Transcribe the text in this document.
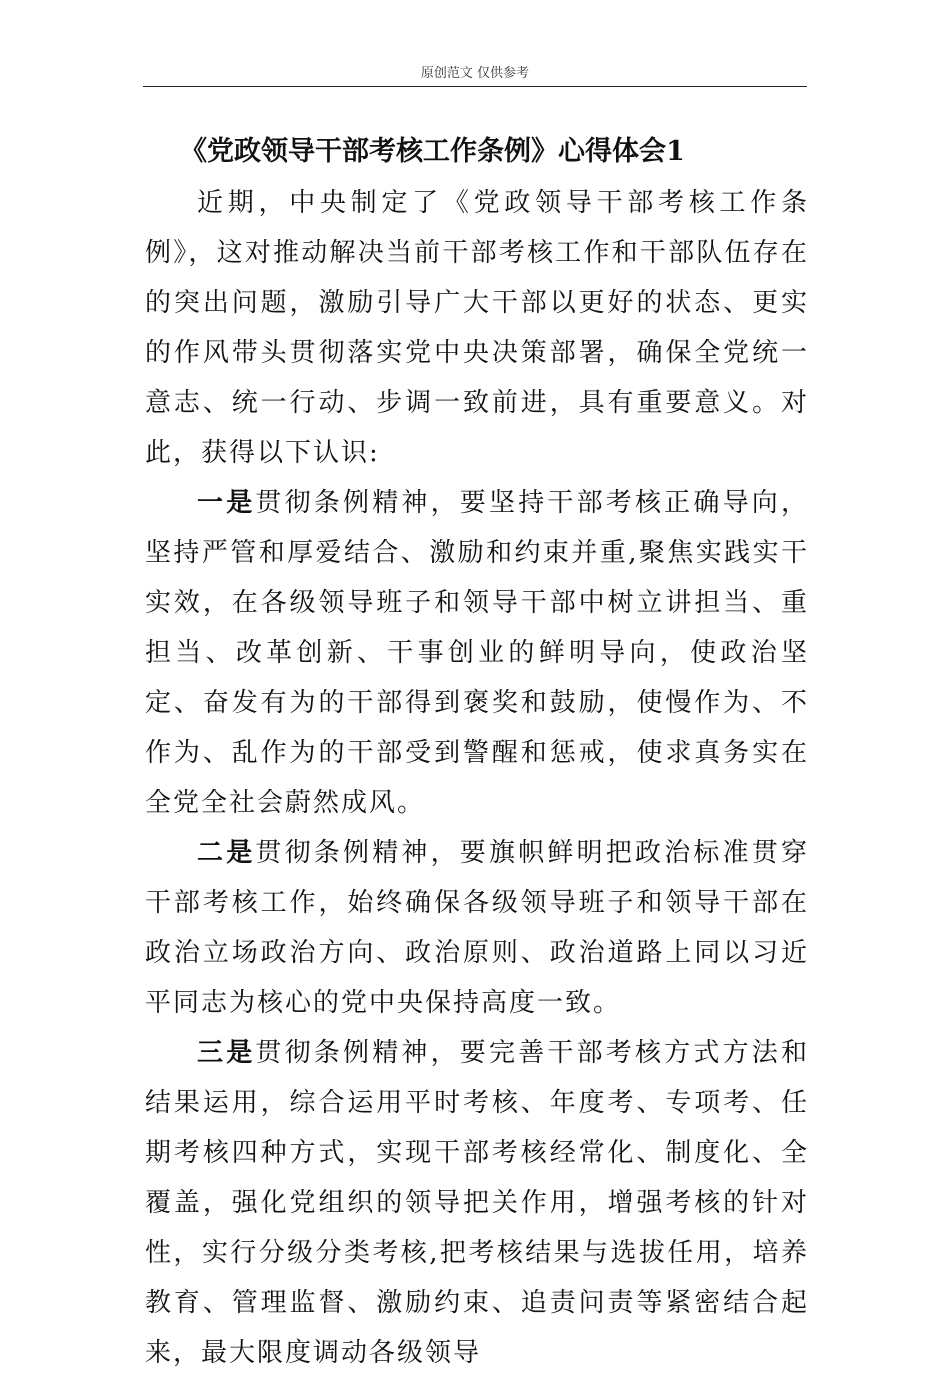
原创范文 仅供参考
《党政领导干部考核工作条例》心得体会1

近期，中央制定了《党政领导干部考核工作条例》，这对推动解决当前干部考核工作和干部队伍存在的突出问题，激励引导广大干部以更好的状态、更实的作风带头贯彻落实党中央决策部署，确保全党统一意志、统一行动、步调一致前进，具有重要意义。对此，获得以下认识:

一是贯彻条例精神，要坚持干部考核正确导向，坚持严管和厚爱结合、激励和约束并重,聚焦实践实干实效，在各级领导班子和领导干部中树立讲担当、重担当、改革创新、干事创业的鲜明导向，使政治坚定、奋发有为的干部得到褒奖和鼓励，使慢作为、不作为、乱作为的干部受到警醒和惩戒，使求真务实在全党全社会蔚然成风。

二是贯彻条例精神，要旗帜鲜明把政治标准贯穿干部考核工作，始终确保各级领导班子和领导干部在政治立场政治方向、政治原则、政治道路上同以习近平同志为核心的党中央保持高度一致。

三是贯彻条例精神，要完善干部考核方式方法和结果运用，综合运用平时考核、年度考、专项考、任期考核四种方式，实现干部考核经常化、制度化、全覆盖，强化党组织的领导把关作用，增强考核的针对性，实行分级分类考核,把考核结果与选拔任用，培养教育、管理监督、激励约束、追责问责等紧密结合起来，最大限度调动各级领导
